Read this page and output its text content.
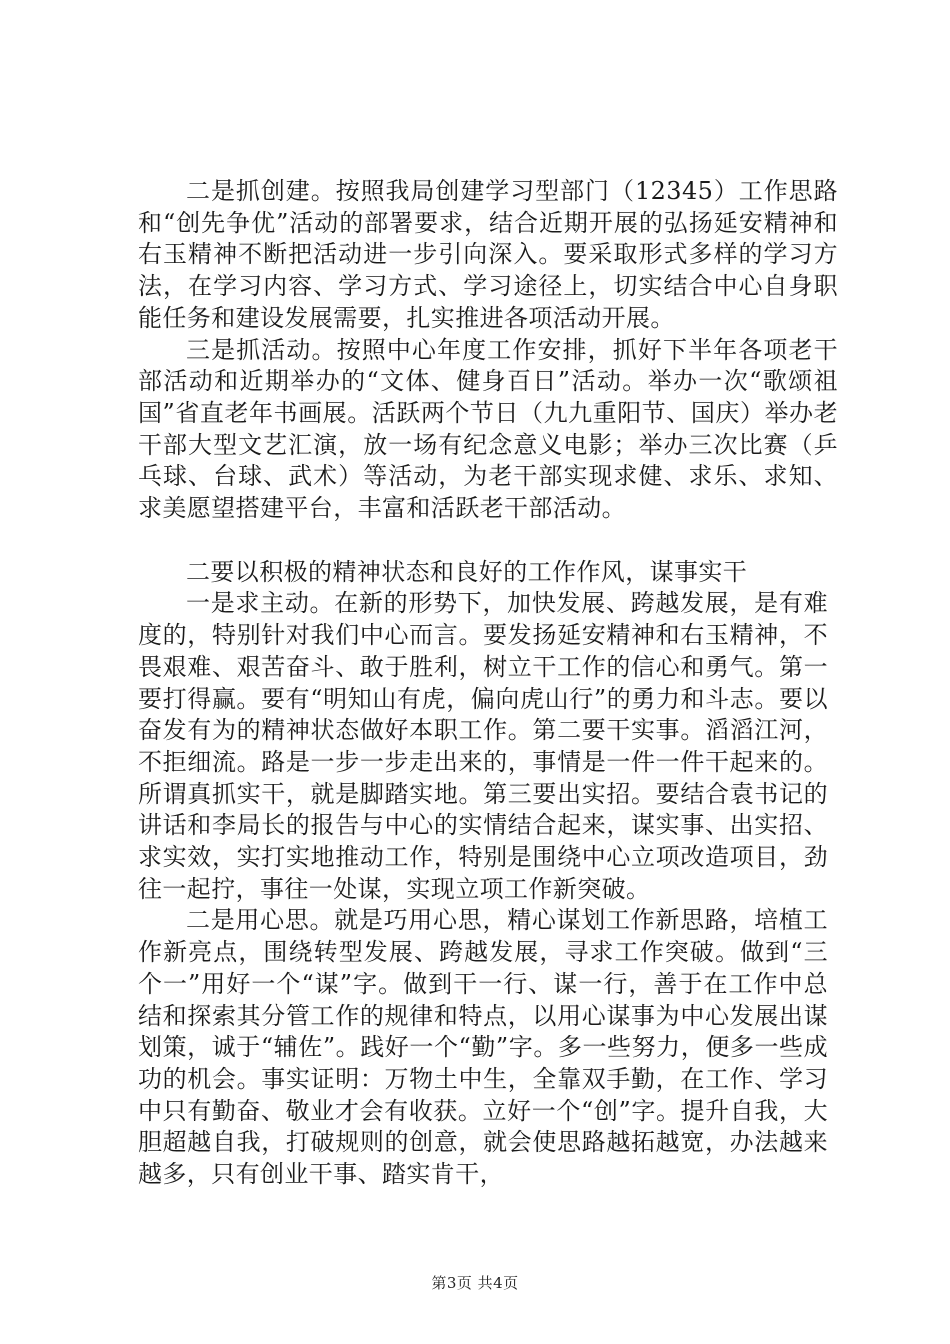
二是抓创建。按照我局创建学习型部门（12345）工作思路和“创先争优”活动的部署要求，结合近期开展的弘扬延安精神和右玉精神不断把活动进一步引向深入。要采取形式多样的学习方法，在学习内容、学习方式、学习途径上，切实结合中心自身职能任务和建设发展需要，扎实推进各项活动开展。

三是抓活动。按照中心年度工作安排，抓好下半年各项老干部活动和近期举办的“文体、健身百日”活动。举办一次“歌颂祖国”省直老年书画展。活跃两个节日（九九重阳节、国庆）举办老干部大型文艺汇演，放一场有纪念意义电影；举办三次比赛（乒乓球、台球、武术）等活动，为老干部实现求健、求乐、求知、求美愿望搭建平台，丰富和活跃老干部活动。

二要以积极的精神状态和良好的工作作风，谋事实干

一是求主动。在新的形势下，加快发展、跨越发展，是有难度的，特别针对我们中心而言。要发扬延安精神和右玉精神，不畏艰难、艰苦奋斗、敢于胜利，树立干工作的信心和勇气。第一要打得赢。要有“明知山有虎，偏向虎山行”的勇力和斗志。要以奋发有为的精神状态做好本职工作。第二要干实事。滔滔江河，不拒细流。路是一步一步走出来的，事情是一件一件干起来的。所谓真抓实干，就是脚踏实地。第三要出实招。要结合袁书记的讲话和李局长的报告与中心的实情结合起来，谋实事、出实招、求实效，实打实地推动工作，特别是围绕中心立项改造项目，劲往一起拧，事往一处谋，实现立项工作新突破。

二是用心思。就是巧用心思，精心谋划工作新思路，培植工作新亮点，围绕转型发展、跨越发展，寻求工作突破。做到“三个一”用好一个“谋”字。做到干一行、谋一行，善于在工作中总结和探索其分管工作的规律和特点，以用心谋事为中心发展出谋划策，诚于“辅佐”。践好一个“勤”字。多一些努力，便多一些成功的机会。事实证明：万物土中生，全靠双手勤，在工作、学习中只有勤奋、敬业才会有收获。立好一个“创”字。提升自我，大胆超越自我，打破规则的创意，就会使思路越拓越宽，办法越来越多，只有创业干事、踏实肯干，

第3页 共4页
